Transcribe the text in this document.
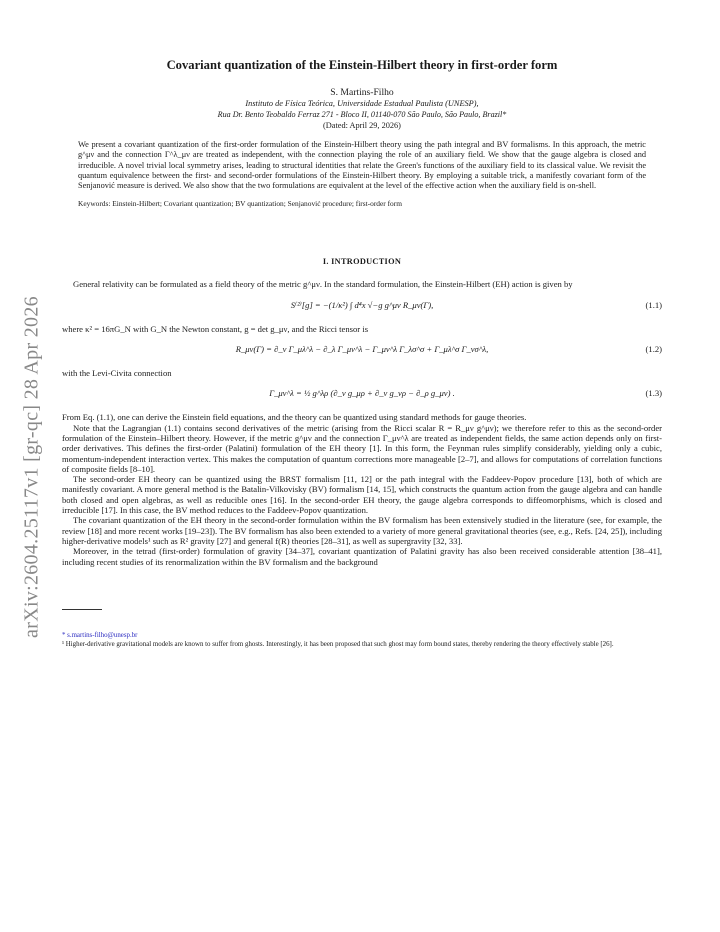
arXiv:2604.25117v1 [gr-qc] 28 Apr 2026
Covariant quantization of the Einstein-Hilbert theory in first-order form

S. Martins-Filho

Instituto de Física Teórica, Universidade Estadual Paulista (UNESP),

Rua Dr. Bento Teobaldo Ferraz 271 - Bloco II, 01140-070 São Paulo, São Paulo, Brazil*

(Dated: April 29, 2026)

We present a covariant quantization of the first-order formulation of the Einstein-Hilbert theory using the path integral and BV formalisms. In this approach, the metric g^μν and the connection Γ^λ_μν are treated as independent, with the connection playing the role of an auxiliary field. We show that the gauge algebra is closed and irreducible. A novel trivial local symmetry arises, leading to structural identities that relate the Green's functions of the auxiliary field to its classical value. We revisit the quantum equivalence between the first- and second-order formulations of the Einstein-Hilbert theory. By employing a suitable trick, a manifestly covariant form of the Senjanović measure is derived. We also show that the two formulations are equivalent at the level of the effective action when the auxiliary field is on-shell.

Keywords: Einstein-Hilbert; Covariant quantization; BV quantization; Senjanović procedure; first-order form

I. INTRODUCTION

General relativity can be formulated as a field theory of the metric g^μν. In the standard formulation, the Einstein-Hilbert (EH) action is given by

S⁽²⁾[g] = −(1/κ²) ∫ d⁴x √−g g^μν R_μν(Γ),	(1.1)

where κ² = 16πG_N with G_N the Newton constant, g = det g_μν, and the Ricci tensor is

R_μν(Γ) = ∂_ν Γ_μλ^λ − ∂_λ Γ_μν^λ − Γ_μν^λ Γ_λσ^σ + Γ_μλ^σ Γ_νσ^λ,	(1.2)

with the Levi-Civita connection

Γ_μν^λ = ½ g^λρ (∂_ν g_μρ + ∂_ν g_νρ − ∂_ρ g_μν) .	(1.3)

From Eq. (1.1), one can derive the Einstein field equations, and the theory can be quantized using standard methods for gauge theories.

Note that the Lagrangian (1.1) contains second derivatives of the metric (arising from the Ricci scalar R = R_μν g^μν); we therefore refer to this as the second-order formulation of the Einstein–Hilbert theory. However, if the metric g^μν and the connection Γ_μν^λ are treated as independent fields, the same action depends only on first-order derivatives. This defines the first-order (Palatini) formulation of the EH theory [1]. In this form, the Feynman rules simplify considerably, yielding only a cubic, momentum-independent interaction vertex. This makes the computation of quantum corrections more manageable [2–7], and allows for computations of correlation functions of composite fields [8–10].

The second-order EH theory can be quantized using the BRST formalism [11, 12] or the path integral with the Faddeev-Popov procedure [13], both of which are manifestly covariant. A more general method is the Batalin-Vilkovisky (BV) formalism [14, 15], which constructs the quantum action from the gauge algebra and can handle both closed and open algebras, as well as reducible ones [16]. In the second-order EH theory, the gauge algebra corresponds to diffeomorphisms, which is closed and irreducible [17]. In this case, the BV method reduces to the Faddeev-Popov quantization.

The covariant quantization of the EH theory in the second-order formulation within the BV formalism has been extensively studied in the literature (see, for example, the review [18] and more recent works [19–23]). The BV formalism has also been extended to a variety of more general gravitational theories (see, e.g., Refs. [24, 25]), including higher-derivative models¹ such as R² gravity [27] and general f(R) theories [28–31], as well as supergravity [32, 33].

Moreover, in the tetrad (first-order) formulation of gravity [34–37], covariant quantization of Palatini gravity has also been received considerable attention [38–41], including recent studies of its renormalization within the BV formalism and the background

* s.martins-filho@unesp.br

¹ Higher-derivative gravitational models are known to suffer from ghosts. Interestingly, it has been proposed that such ghost may form bound states, thereby rendering the theory effectively stable [26].
